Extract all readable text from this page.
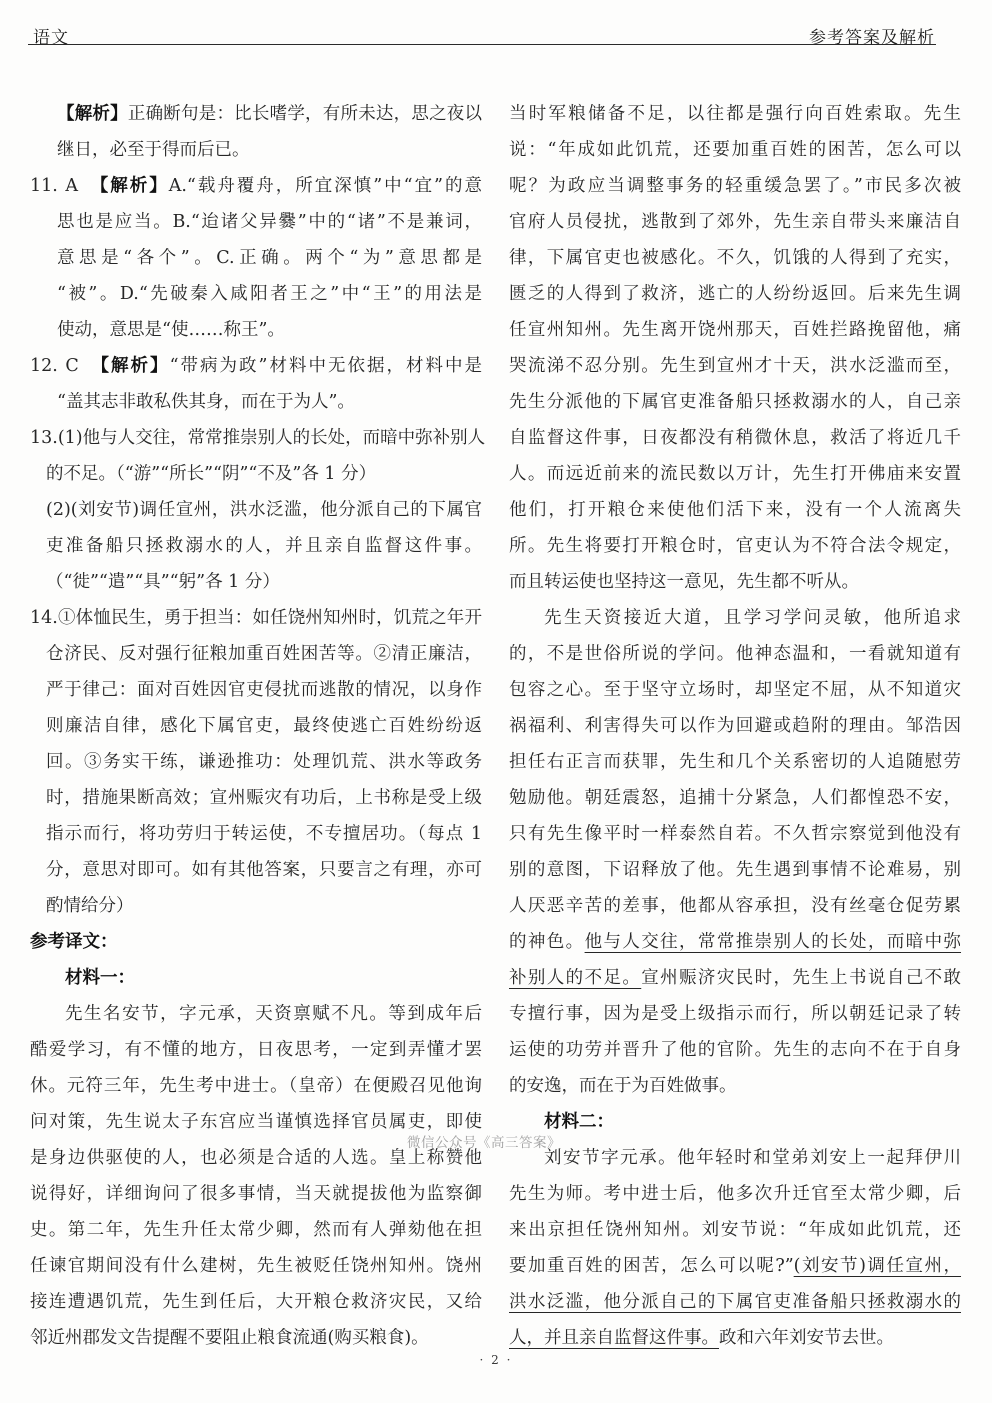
语文	参考答案及解析
【解析】正确断句是：比长嗜学，有所未达，思之夜以
继日，必至于得而后已。
11. A　【解析】A.“载舟覆舟，所宜深慎”中“宜”的意
思也是应当。B.“迨诸父异爨”中的“诸”不是兼词，
意思是“各个”。C.正确。两个“为”意思都是
“被”。D.“先破秦入咸阳者王之”中“王”的用法是
使动，意思是“使……称王”。
12. C　【解析】“带病为政”材料中无依据，材料中是
“盖其志非敢私佚其身，而在于为人”。
13.(1)他与人交往，常常推崇别人的长处，而暗中弥补别人
的不足。（“游”“所长”“阴”“不及”各 1 分）
(2)(刘安节)调任宣州，洪水泛滥，他分派自己的下属官
吏准备船只拯救溺水的人，并且亲自监督这件事。
（“徙”“遣”“具”“躬”各 1 分）
14.①体恤民生，勇于担当：如任饶州知州时，饥荒之年开
仓济民、反对强行征粮加重百姓困苦等。②清正廉洁，
严于律己：面对百姓因官吏侵扰而逃散的情况，以身作
则廉洁自律，感化下属官吏，最终使逃亡百姓纷纷返
回。③务实干练，谦逊推功：处理饥荒、洪水等政务
时，措施果断高效；宣州赈灾有功后，上书称是受上级
指示而行，将功劳归于转运使，不专擅居功。（每点 1
分，意思对即可。如有其他答案，只要言之有理，亦可
酌情给分）
参考译文：
材料一：
先生名安节，字元承，天资禀赋不凡。等到成年后
酷爱学习，有不懂的地方，日夜思考，一定到弄懂才罢
休。元符三年，先生考中进士。（皇帝）在便殿召见他询
问对策，先生说太子东宫应当谨慎选择官员属吏，即使
是身边供驱使的人，也必须是合适的人选。皇上称赞他
说得好，详细询问了很多事情，当天就提拔他为监察御
史。第二年，先生升任太常少卿，然而有人弹劾他在担
任谏官期间没有什么建树，先生被贬任饶州知州。饶州
接连遭遇饥荒，先生到任后，大开粮仓救济灾民，又给
邻近州郡发文告提醒不要阻止粮食流通(购买粮食)。
当时军粮储备不足，以往都是强行向百姓索取。先生
说：“年成如此饥荒，还要加重百姓的困苦，怎么可以
呢？为政应当调整事务的轻重缓急罢了。”市民多次被
官府人员侵扰，逃散到了郊外，先生亲自带头来廉洁自
律，下属官吏也被感化。不久，饥饿的人得到了充实，
匮乏的人得到了救济，逃亡的人纷纷返回。后来先生调
任宣州知州。先生离开饶州那天，百姓拦路挽留他，痛
哭流涕不忍分别。先生到宣州才十天，洪水泛滥而至，
先生分派他的下属官吏准备船只拯救溺水的人，自己亲
自监督这件事，日夜都没有稍微休息，救活了将近几千
人。而远近前来的流民数以万计，先生打开佛庙来安置
他们，打开粮仓来使他们活下来，没有一个人流离失
所。先生将要打开粮仓时，官吏认为不符合法令规定，
而且转运使也坚持这一意见，先生都不听从。
先生天资接近大道，且学习学问灵敏，他所追求
的，不是世俗所说的学问。他神态温和，一看就知道有
包容之心。至于坚守立场时，却坚定不屈，从不知道灾
祸福利、利害得失可以作为回避或趋附的理由。邹浩因
担任右正言而获罪，先生和几个关系密切的人追随慰劳
勉励他。朝廷震怒，追捕十分紧急，人们都惶恐不安，
只有先生像平时一样泰然自若。不久哲宗察觉到他没有
别的意图，下诏释放了他。先生遇到事情不论难易，别
人厌恶辛苦的差事，他都从容承担，没有丝毫仓促劳累
的神色。他与人交往，常常推崇别人的长处，而暗中弥
补别人的不足。宣州赈济灾民时，先生上书说自己不敢
专擅行事，因为是受上级指示而行，所以朝廷记录了转
运使的功劳并晋升了他的官阶。先生的志向不在于自身
的安逸，而在于为百姓做事。
材料二：
刘安节字元承。他年轻时和堂弟刘安上一起拜伊川
先生为师。考中进士后，他多次升迁官至太常少卿，后
来出京担任饶州知州。刘安节说：“年成如此饥荒，还
要加重百姓的困苦，怎么可以呢?”(刘安节)调任宣州，
洪水泛滥，他分派自己的下属官吏准备船只拯救溺水的
人，并且亲自监督这件事。政和六年刘安节去世。
微信公众号《高三答案》
· 2 ·
